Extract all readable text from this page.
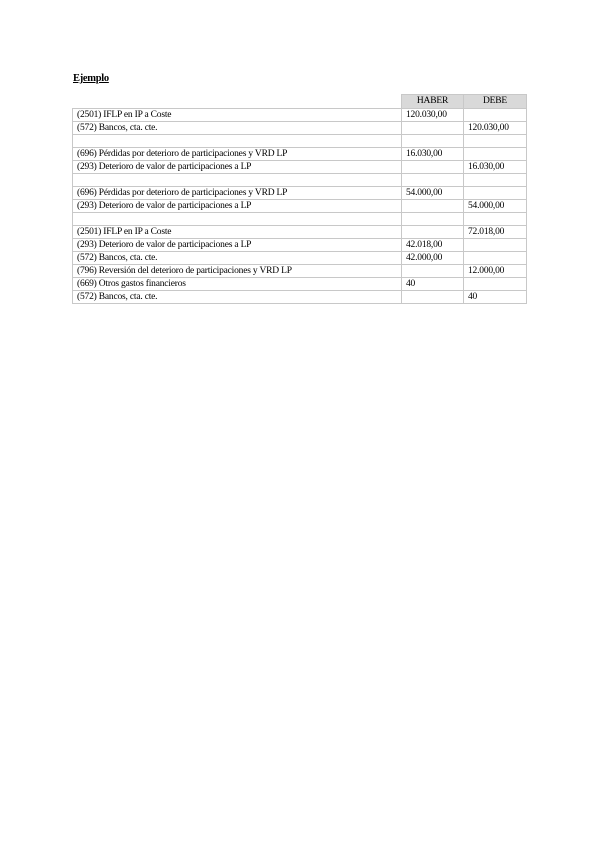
Ejemplo
	HABER	DEBE
(2501) IFLP en IP a Coste	120.030,00	
(572) Bancos, cta. cte.		120.030,00

(696) Pérdidas por deterioro de participaciones y VRD LP	16.030,00	
(293) Deterioro de valor de participaciones a LP		16.030,00

(696) Pérdidas por deterioro de participaciones y VRD LP	54.000,00	
(293) Deterioro de valor de participaciones a LP		54.000,00

(2501) IFLP en IP a Coste		72.018,00
(293) Deterioro de valor de participaciones a LP	42.018,00	
(572) Bancos, cta. cte.	42.000,00	
(796) Reversión del deterioro de participaciones y VRD LP		12.000,00
(669) Otros gastos financieros	40	
(572) Bancos, cta. cte.		40
